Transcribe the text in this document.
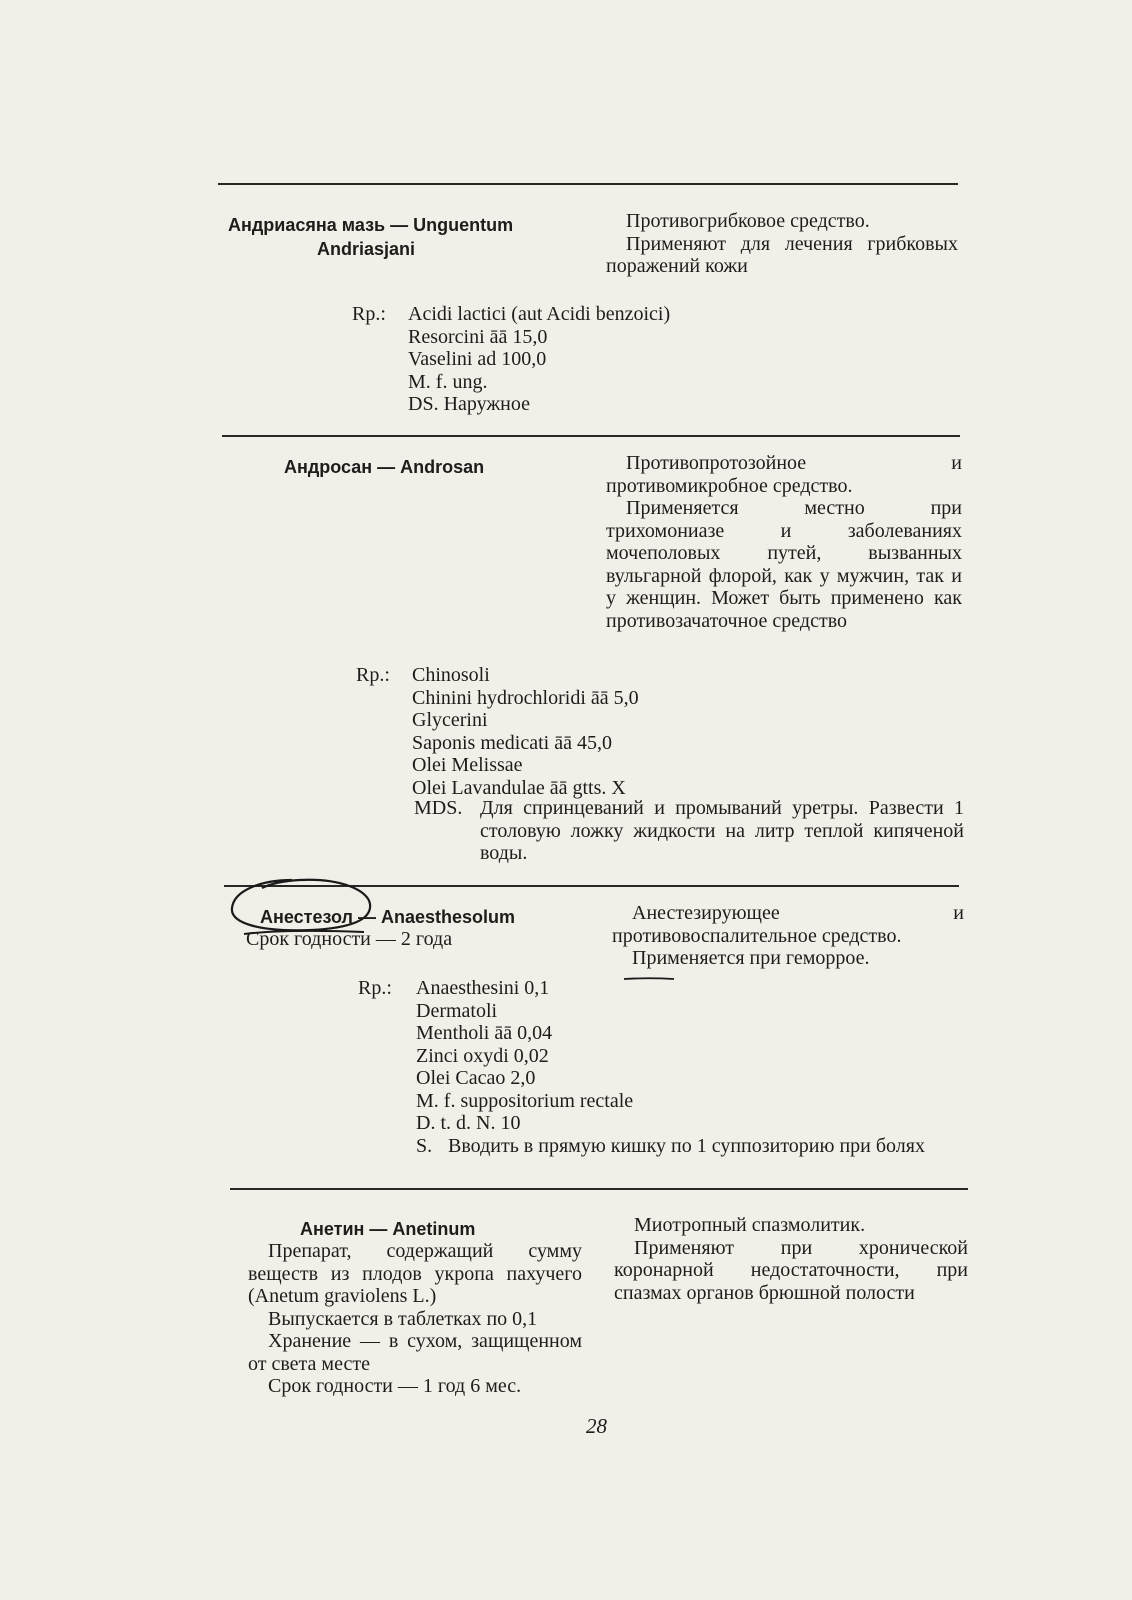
Андриасяна мазь — Unguentum
Andriasjani

Противогрибковое средство.

Применяют для лечения грибковых поражений кожи

Rp.: Acidi lactici (aut Acidi benzoici)
Resorcini āā 15,0
Vaselini ad 100,0
M. f. ung.
DS. Наружное
Андросан — Androsan	Противопротозойное и противомикробное средство.

Применяется местно при трихомониазе и заболеваниях мочеполовых путей, вызванных вульгарной флорой, как у мужчин, так и у женщин. Может быть применено как противозачаточное средство

Rp.: Chinosoli
Chinini hydrochloridi āā 5,0
Glycerini
Saponis medicati āā 45,0
Olei Melissae
Olei Lavandulae āā gtts. X
MDS. Для спринцеваний и промываний уретры. Развести 1 столовую ложку жидкости на литр теплой кипяченой воды.
Анестезол — Anaesthesolum
Срок годности — 2 года

Анестезирующее и противовоспалительное средство.

Применяется при геморрое.

Rp.: Anaesthesini 0,1
Dermatoli
Mentholi āā 0,04
Zinci oxydi 0,02
Olei Cacao 2,0
M. f. suppositorium rectale
D. t. d. N. 10
S. Вводить в прямую кишку по 1 суппозиторию при болях
Анетин — Anetinum

Препарат, содержащий сумму веществ из плодов укропа пахучего (Anetum graviolens L.)

Выпускается в таблетках по 0,1

Хранение — в сухом, защищенном от света месте

Срок годности — 1 год 6 мес.

Миотропный спазмолитик.

Применяют при хронической коронарной недостаточности, при спазмах органов брюшной полости

28
